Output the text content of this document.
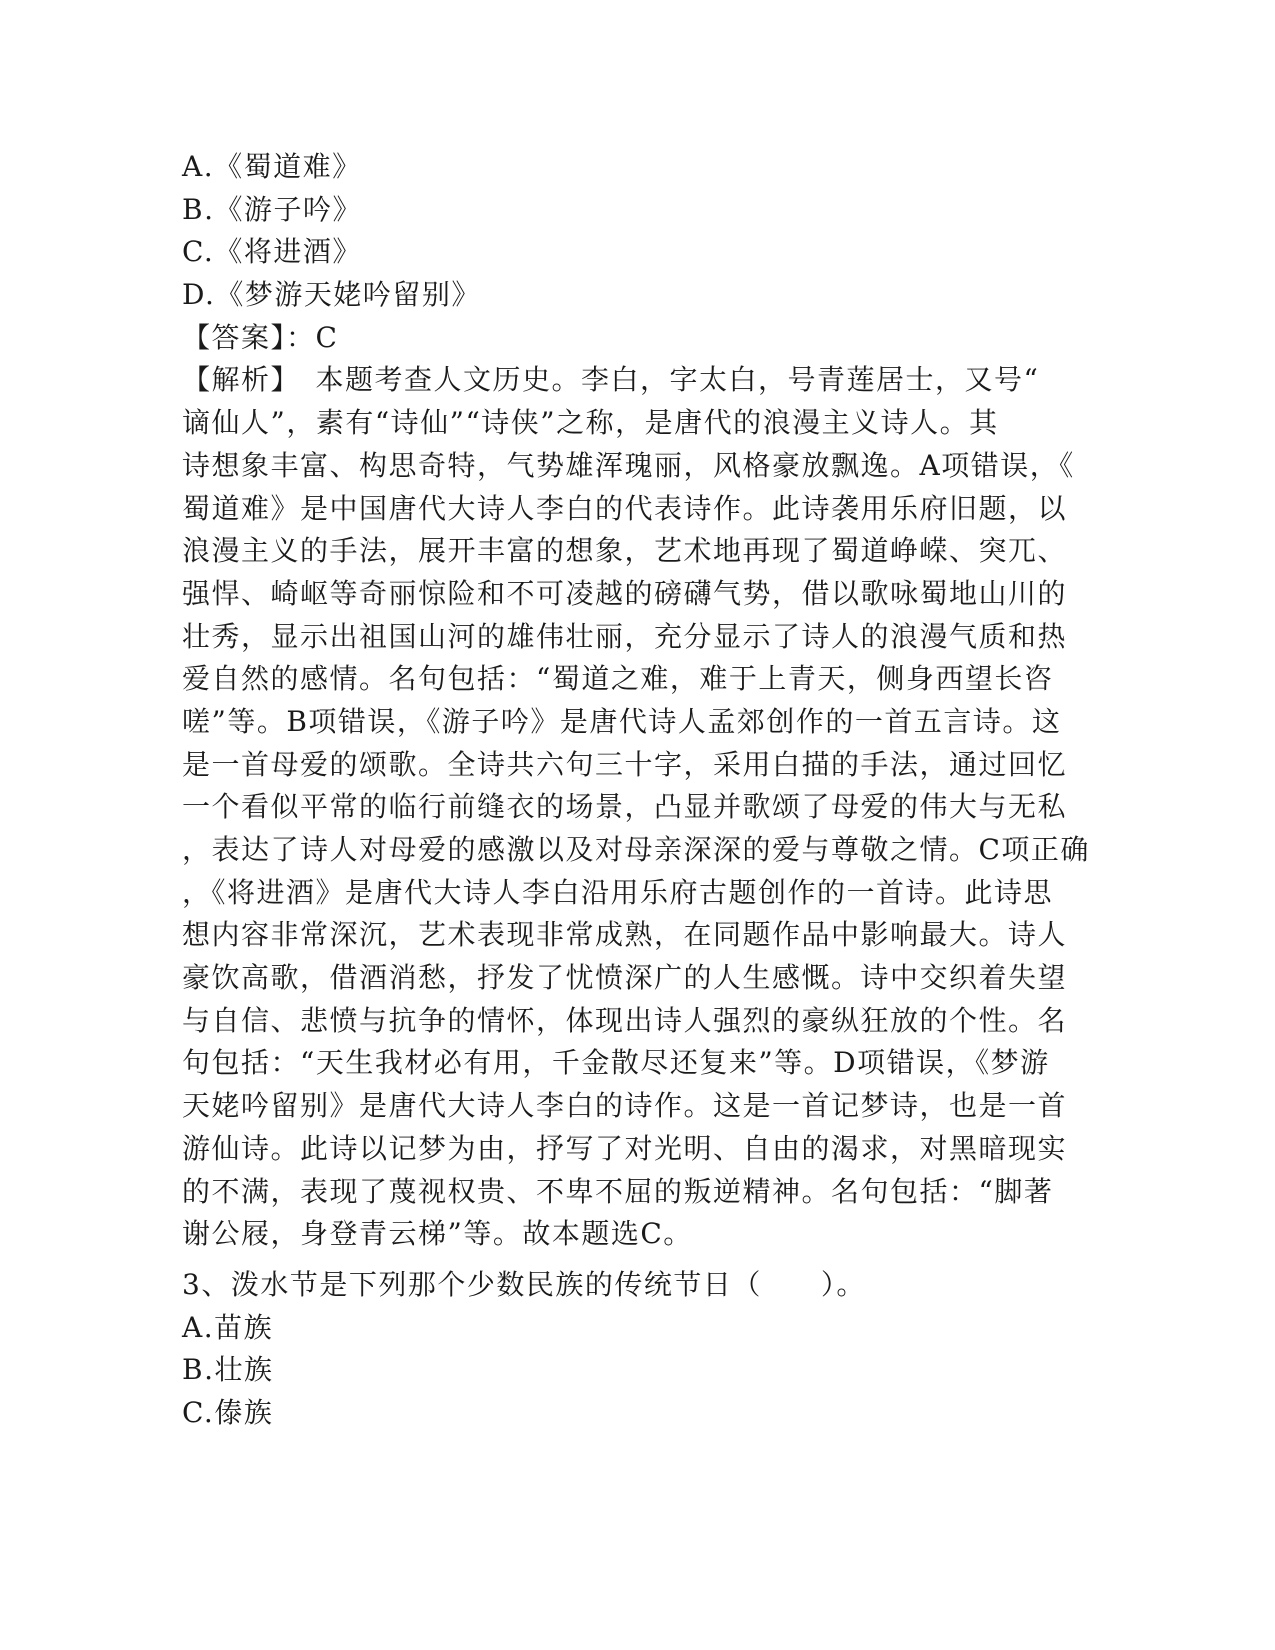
A.《蜀道难》
B.《游子吟》
C.《将进酒》
D.《梦游天姥吟留别》
【答案】：C
【解析】　本题考查人文历史。李白，字太白，号青莲居士，又号“
谪仙人”，素有“诗仙”“诗侠”之称，是唐代的浪漫主义诗人。其
诗想象丰富、构思奇特，气势雄浑瑰丽，风格豪放飘逸。A项错误，《
蜀道难》是中国唐代大诗人李白的代表诗作。此诗袭用乐府旧题，以
浪漫主义的手法，展开丰富的想象，艺术地再现了蜀道峥嵘、突兀、
强悍、崎岖等奇丽惊险和不可凌越的磅礴气势，借以歌咏蜀地山川的
壮秀，显示出祖国山河的雄伟壮丽，充分显示了诗人的浪漫气质和热
爱自然的感情。名句包括：“蜀道之难，难于上青天，侧身西望长咨
嗟”等。B项错误，《游子吟》是唐代诗人孟郊创作的一首五言诗。这
是一首母爱的颂歌。全诗共六句三十字，采用白描的手法，通过回忆
一个看似平常的临行前缝衣的场景，凸显并歌颂了母爱的伟大与无私
，表达了诗人对母爱的感激以及对母亲深深的爱与尊敬之情。C项正确
，《将进酒》是唐代大诗人李白沿用乐府古题创作的一首诗。此诗思
想内容非常深沉，艺术表现非常成熟，在同题作品中影响最大。诗人
豪饮高歌，借酒消愁，抒发了忧愤深广的人生感慨。诗中交织着失望
与自信、悲愤与抗争的情怀，体现出诗人强烈的豪纵狂放的个性。名
句包括：“天生我材必有用，千金散尽还复来”等。D项错误，《梦游
天姥吟留别》是唐代大诗人李白的诗作。这是一首记梦诗，也是一首
游仙诗。此诗以记梦为由，抒写了对光明、自由的渴求，对黑暗现实
的不满，表现了蔑视权贵、不卑不屈的叛逆精神。名句包括：“脚著
谢公屐，身登青云梯”等。故本题选C。
3、泼水节是下列那个少数民族的传统节日（　　）。
A.苗族
B.壮族
C.傣族
